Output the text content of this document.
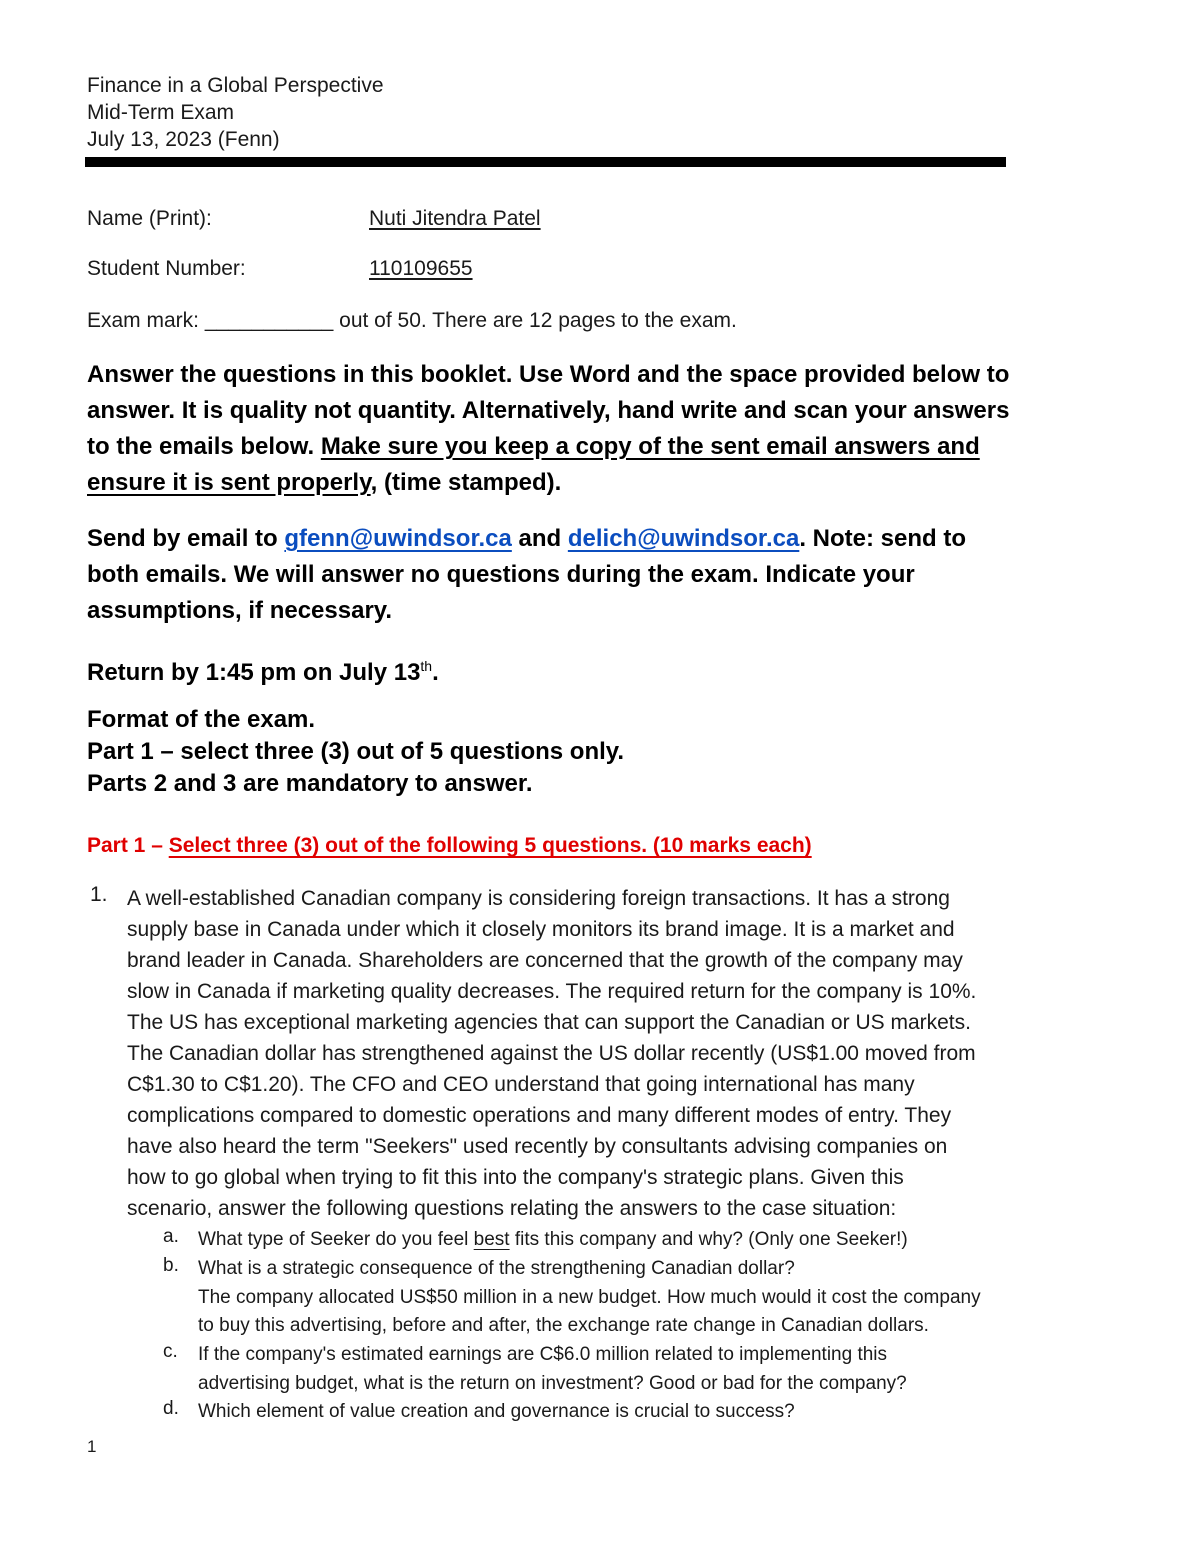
Finance in a Global Perspective
Mid-Term Exam
July 13, 2023 (Fenn)
Name (Print):	Nuti Jitendra Patel
Student Number:	110109655
Exam mark: ___________ out of 50. There are 12 pages to the exam.
Answer the questions in this booklet. Use Word and the space provided below to
answer. It is quality not quantity. Alternatively, hand write and scan your answers
to the emails below. Make sure you keep a copy of the sent email answers and
ensure it is sent properly, (time stamped).
Send by email to gfenn@uwindsor.ca and delich@uwindsor.ca. Note: send to
both emails. We will answer no questions during the exam. Indicate your
assumptions, if necessary.
Return by 1:45 pm on July 13th.
Format of the exam.
Part 1 – select three (3) out of 5 questions only.
Parts 2 and 3 are mandatory to answer.
Part 1 – Select three (3) out of the following 5 questions. (10 marks each)
1. A well-established Canadian company is considering foreign transactions. It has a strong
supply base in Canada under which it closely monitors its brand image. It is a market and
brand leader in Canada. Shareholders are concerned that the growth of the company may
slow in Canada if marketing quality decreases. The required return for the company is 10%.
The US has exceptional marketing agencies that can support the Canadian or US markets.
The Canadian dollar has strengthened against the US dollar recently (US$1.00 moved from
C$1.30 to C$1.20). The CFO and CEO understand that going international has many
complications compared to domestic operations and many different modes of entry. They
have also heard the term "Seekers" used recently by consultants advising companies on
how to go global when trying to fit this into the company's strategic plans. Given this
scenario, answer the following questions relating the answers to the case situation:
a. What type of Seeker do you feel best fits this company and why? (Only one Seeker!)
b. What is a strategic consequence of the strengthening Canadian dollar?
The company allocated US$50 million in a new budget. How much would it cost the company
to buy this advertising, before and after, the exchange rate change in Canadian dollars.
c. If the company's estimated earnings are C$6.0 million related to implementing this
advertising budget, what is the return on investment? Good or bad for the company?
d. Which element of value creation and governance is crucial to success?
1
